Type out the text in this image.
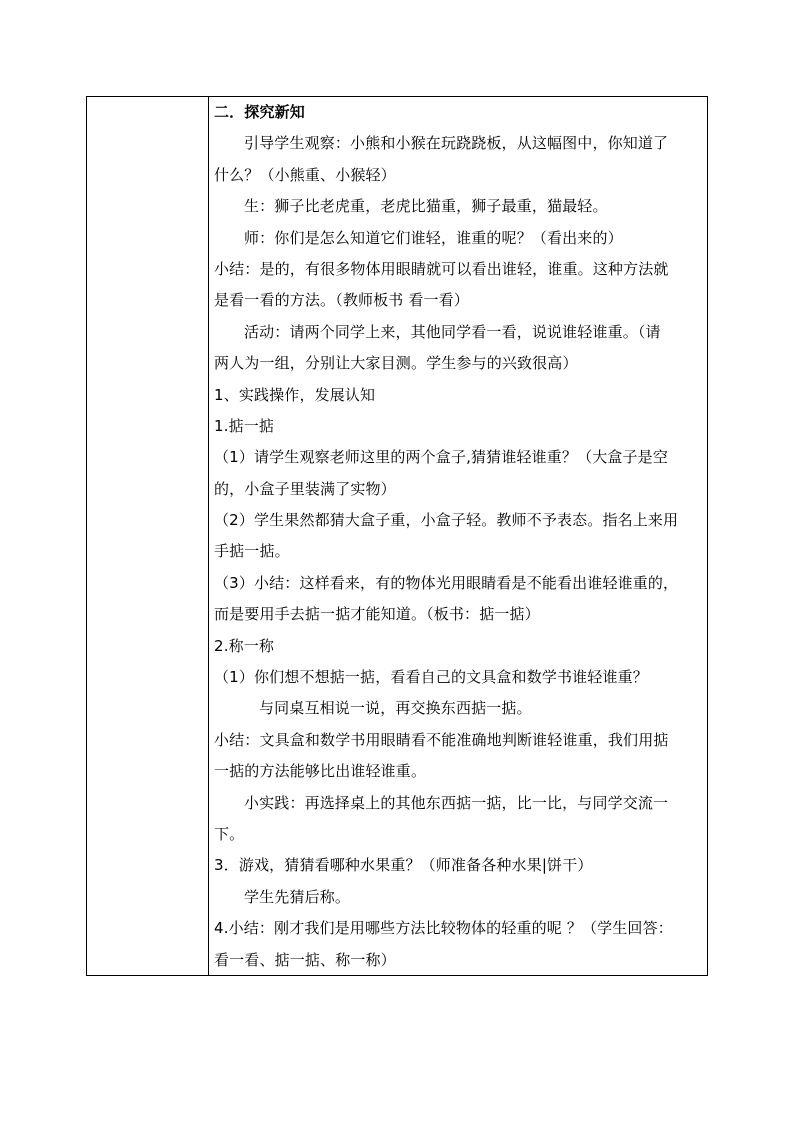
二．探究新知
引导学生观察：小熊和小猴在玩跷跷板，从这幅图中，你知道了
什么？（小熊重、小猴轻）
生：狮子比老虎重，老虎比猫重，狮子最重，猫最轻。
师：你们是怎么知道它们谁轻，谁重的呢？（看出来的）
小结：是的，有很多物体用眼睛就可以看出谁轻，谁重。这种方法就
是看一看的方法。（教师板书 看一看）
活动：请两个同学上来，其他同学看一看，说说谁轻谁重。（请
两人为一组，分别让大家目测。学生参与的兴致很高）
1、实践操作，发展认知
1.掂一掂
（1）请学生观察老师这里的两个盒子,猜猜谁轻谁重？（大盒子是空
的，小盒子里装满了实物）
（2）学生果然都猜大盒子重，小盒子轻。教师不予表态。指名上来用
手掂一掂。
（3）小结：这样看来，有的物体光用眼睛看是不能看出谁轻谁重的，
而是要用手去掂一掂才能知道。（板书：掂一掂）
2.称一称
（1）你们想不想掂一掂，看看自己的文具盒和数学书谁轻谁重？
与同桌互相说一说，再交换东西掂一掂。
小结：文具盒和数学书用眼睛看不能准确地判断谁轻谁重，我们用掂
一掂的方法能够比出谁轻谁重。
小实践：再选择桌上的其他东西掂一掂，比一比，与同学交流一
下。
3．游戏，猜猜看哪种水果重？（师准备各种水果|饼干）
学生先猜后称。
4.小结：刚才我们是用哪些方法比较物体的轻重的呢 ？（学生回答：
看一看、掂一掂、称一称）
